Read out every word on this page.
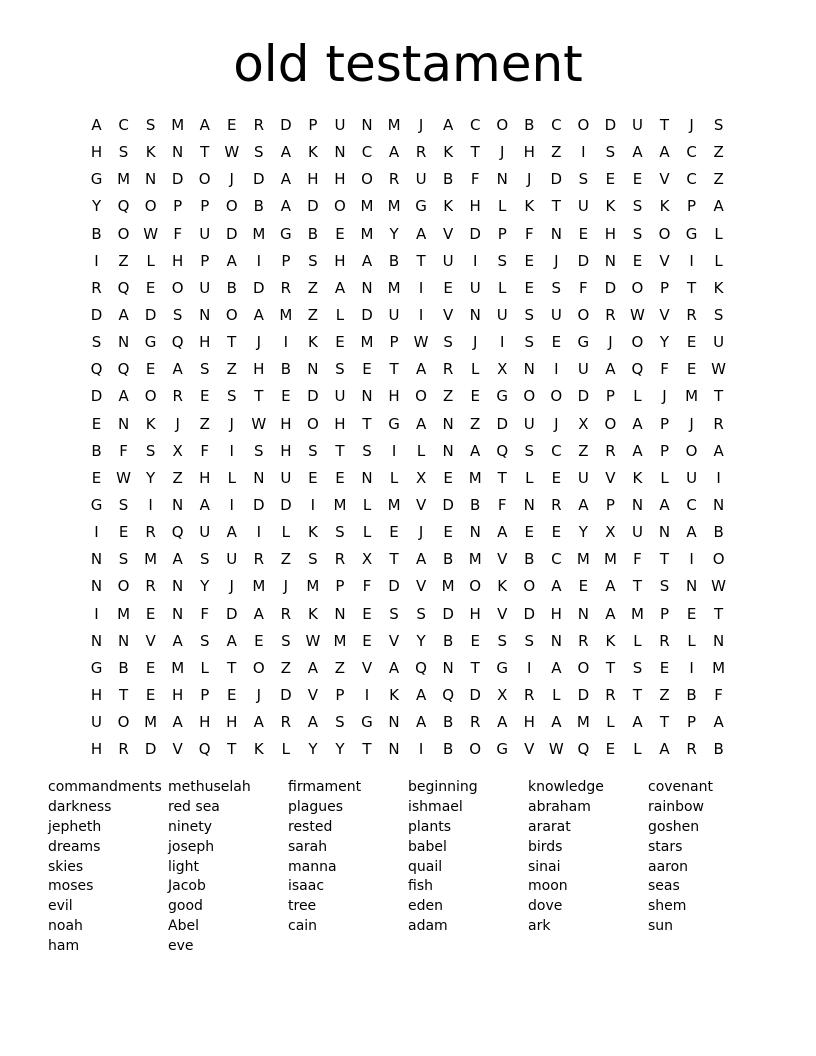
old testament
A	C	S	M	A	E	R	D	P	U	N M	J	A	C	O	B	C	O	D	U	T	J	S
H	S	K	N	T	W S	A	K	N	C	A	R	K	T	J	H	Z	I	S	A	A	C	Z
G M N	D	O	J	D	A	H	H	O	R	U	B	F	N	J	D	S	E	E	V	C	Z
Y	Q	O	P	P	O	B	A	D	O M M G	K	H	L	K	T	U	K	S	K	P	A
B	O W	F	U	D M G	B	E	M	Y	A	V	D	P	F	N	E	H	S	O	G	L
I	Z	L	H	P	A	I	P	S	H	A	B	T	U	I	S	E	J	D	N	E	V	I	L
R	Q	E	O	U	B	D	R	Z	A	N M	I	E	U	L	E	S	F	D	O	P	T	K
D	A	D	S	N	O	A	M	Z	L	D	U	I	V	N	U	S	U	O	R W V	R	S
S	N	G	Q	H	T	J	I	K	E	M	P	W S	J	I	S	E	G	J	O	Y	E	U
Q	Q	E	A	S	Z	H	B	N	S	E	T	A	R	L	X	N	I	U	A	Q	F	E W
D	A	O	R	E	S	T	E	D	U	N	H	O	Z	E	G	O	O	D	P	L	J	M	T
E	N	K	J	Z	J	W H	O	H	T	G	A	N	Z	D	U	J	X	O	A	P	J	R
B	F	S	X	F	I	S	H	S	T	S	I	L	N	A	Q	S	C	Z	R	A	P	O	A
E W	Y	Z	H	L	N	U	E	E	N	L	X	E	M	T	L	E	U	V	K	L	U	I
G	S	I	N	A	I	D	D	I	M	L	M	V	D	B	F	N	R	A	P	N	A	C	N
I	E	R	Q	U	A	I	L	K	S	L	E	J	E	N	A	E	E	Y	X	U	N	A	B
N	S	M	A	S	U	R	Z	S	R	X	T	A	B	M	V	B	C	M M	F	T	I	O
N	O	R	N	Y	J	M	J	M	P	F	D	V	M O	K	O	A	E	A	T	S	N W
I	M	E	N	F	D	A	R	K	N	E	S	S	D	H	V	D	H	N	A	M	P	E	T
N	N	V	A	S	A	E	S W M	E	V	Y	B	E	S	S	N	R	K	L	R	L	N
G	B	E	M	L	T	O	Z	A	Z	V	A	Q	N	T	G	I	A	O	T	S	E	I	M
H	T	E	H	P	E	J	D	V	P	I	K	A	Q	D	X	R	L	D	R	T	Z	B	F
U	O M	A	H	H	A	R	A	S	G	N	A	B	R	A	H	A	M	L	A	T	P	A
H	R	D	V	Q	T	K	L	Y	Y	T	N	I	B	O	G	V W Q	E	L	A	R	B
commandments methuselah	firmament	beginning	knowledge	covenant
darkness	red sea	plagues	ishmael	abraham	rainbow
jepheth	ninety	rested	plants	ararat	goshen
dreams	joseph	sarah	babel	birds	stars
skies	light	manna	quail	sinai	aaron
moses	Jacob	isaac	fish	moon	seas
evil	good	tree	eden	dove	shem
noah	Abel	cain	adam	ark	sun
ham	eve
